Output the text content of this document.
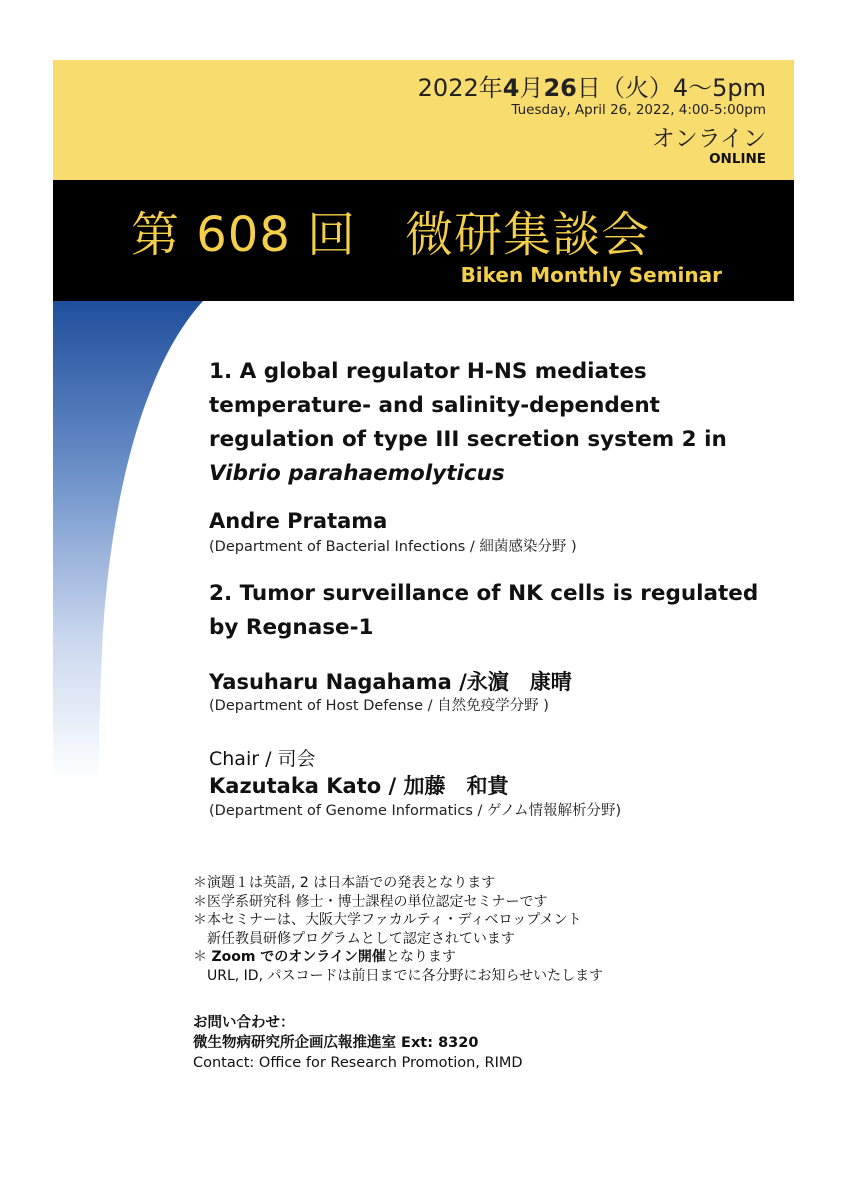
2022年4月26日（火）4～5pm
Tuesday, April 26, 2022, 4:00-5:00pm
オンライン
ONLINE
第 608 回　微研集談会
Biken Monthly Seminar
1. A global regulator H-NS mediates
temperature- and salinity-dependent
regulation of type III secretion system 2 in
Vibrio parahaemolyticus
Andre Pratama
(Department of Bacterial Infections / 細菌感染分野 )
2. Tumor surveillance of NK cells is regulated
by Regnase-1
Yasuharu Nagahama /永濵　康晴
(Department of Host Defense / 自然免疫学分野 )
Chair / 司会
Kazutaka Kato / 加藤　和貴
(Department of Genome Informatics / ゲノム情報解析分野)
＊演題１は英語, 2 は日本語での発表となります
＊医学系研究科 修士・博士課程の単位認定セミナーです
＊本セミナーは、大阪大学ファカルティ・ディベロップメント
新任教員研修プログラムとして認定されています
＊ Zoom でのオンライン開催となります
URL, ID, パスコードは前日までに各分野にお知らせいたします
お問い合わせ：
微生物病研究所企画広報推進室 Ext: 8320
Contact: Office for Research Promotion, RIMD
